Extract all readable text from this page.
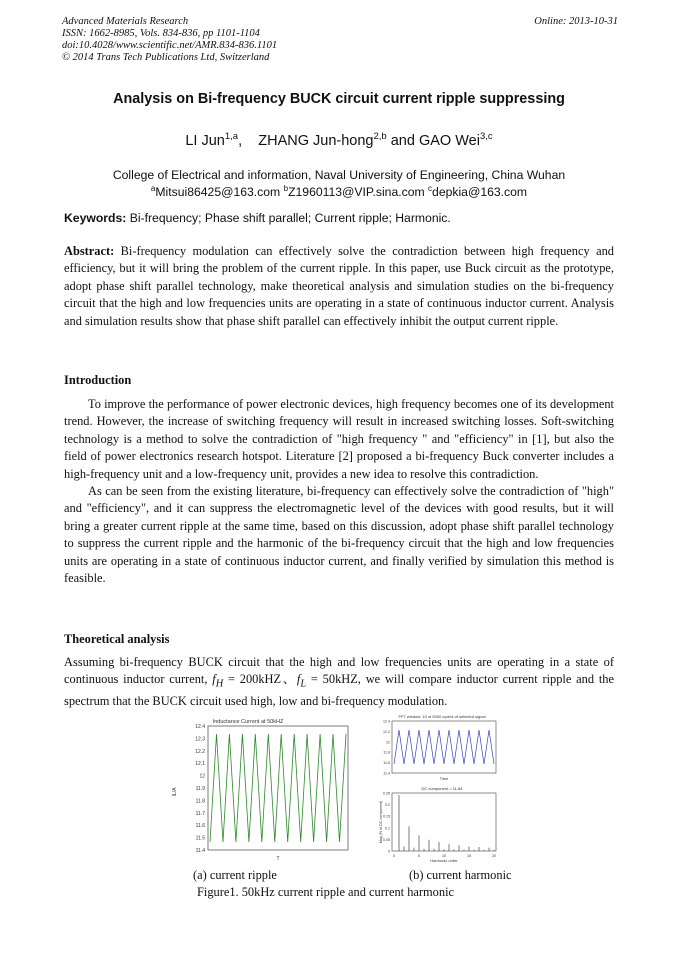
Advanced Materials Research
ISSN: 1662-8985, Vols. 834-836, pp 1101-1104
doi:10.4028/www.scientific.net/AMR.834-836.1101
© 2014 Trans Tech Publications Ltd, Switzerland
Online: 2013-10-31
Analysis on Bi-frequency BUCK circuit current ripple suppressing
LI Jun$^{1,a}$, ZHANG Jun-hong$^{2,b}$ and GAO Wei$^{3,c}$
College of Electrical and information, Naval University of Engineering, China Wuhan
$^a$Mitsui86425@163.com $^b$Z1960113@VIP.sina.com $^c$depkia@163.com
Keywords: Bi-frequency; Phase shift parallel; Current ripple; Harmonic.
Abstract: Bi-frequency modulation can effectively solve the contradiction between high frequency and efficiency, but it will bring the problem of the current ripple. In this paper, use Buck circuit as the prototype, adopt phase shift parallel technology, make theoretical analysis and simulation studies on the bi-frequency circuit that the high and low frequencies units are operating in a state of continuous inductor current. Analysis and simulation results show that phase shift parallel can effectively inhibit the output current ripple.
Introduction

To improve the performance of power electronic devices, high frequency becomes one of its development trend. However, the increase of switching frequency will result in increased switching losses. Soft-switching technology is a method to solve the contradiction of "high frequency " and "efficiency" in [1], but also the field of power electronics research hotspot. Literature [2] proposed a bi-frequency Buck converter includes a high-frequency unit and a low-frequency unit, provides a new idea to resolve this contradiction.

As can be seen from the existing literature, bi-frequency can effectively solve the contradiction of "high" and "efficiency", and it can suppress the electromagnetic level of the devices with good results, but it will bring a greater current ripple at the same time, based on this discussion, adopt phase shift parallel technology to suppress the current ripple and the harmonic of the bi-frequency circuit that the high and low frequencies units are operating in a state of continuous inductor current, and finally verified by simulation this method is feasible.

Theoretical analysis
Assuming bi-frequency BUCK circuit that the high and low frequencies units are operating in a state of continuous inductor current, $f_H = 200kHZ$、$f_L = 50kHZ$, we will compare inductor current ripple and the spectrum that the BUCK circuit used high, low and bi-frequency modulation.
Inductance Current at 50kHZ
12.4
12.3
12.2
12.1
12
11.9
11.8
11.7
11.6
11.5
11.4
IL/A
T
FFT window: 10 of 5000 cycles of selected signal
12.4
12.2
12
11.8
11.6
11.4
Time
DC component = 11.84
0.25
0.2
0.15
0.1
0.05
0
0	5	10	15	20
Mag (% of DC component)
Harmonic order
(a) current ripple	(b) current harmonic
Figure1. 50kHz current ripple and current harmonic
